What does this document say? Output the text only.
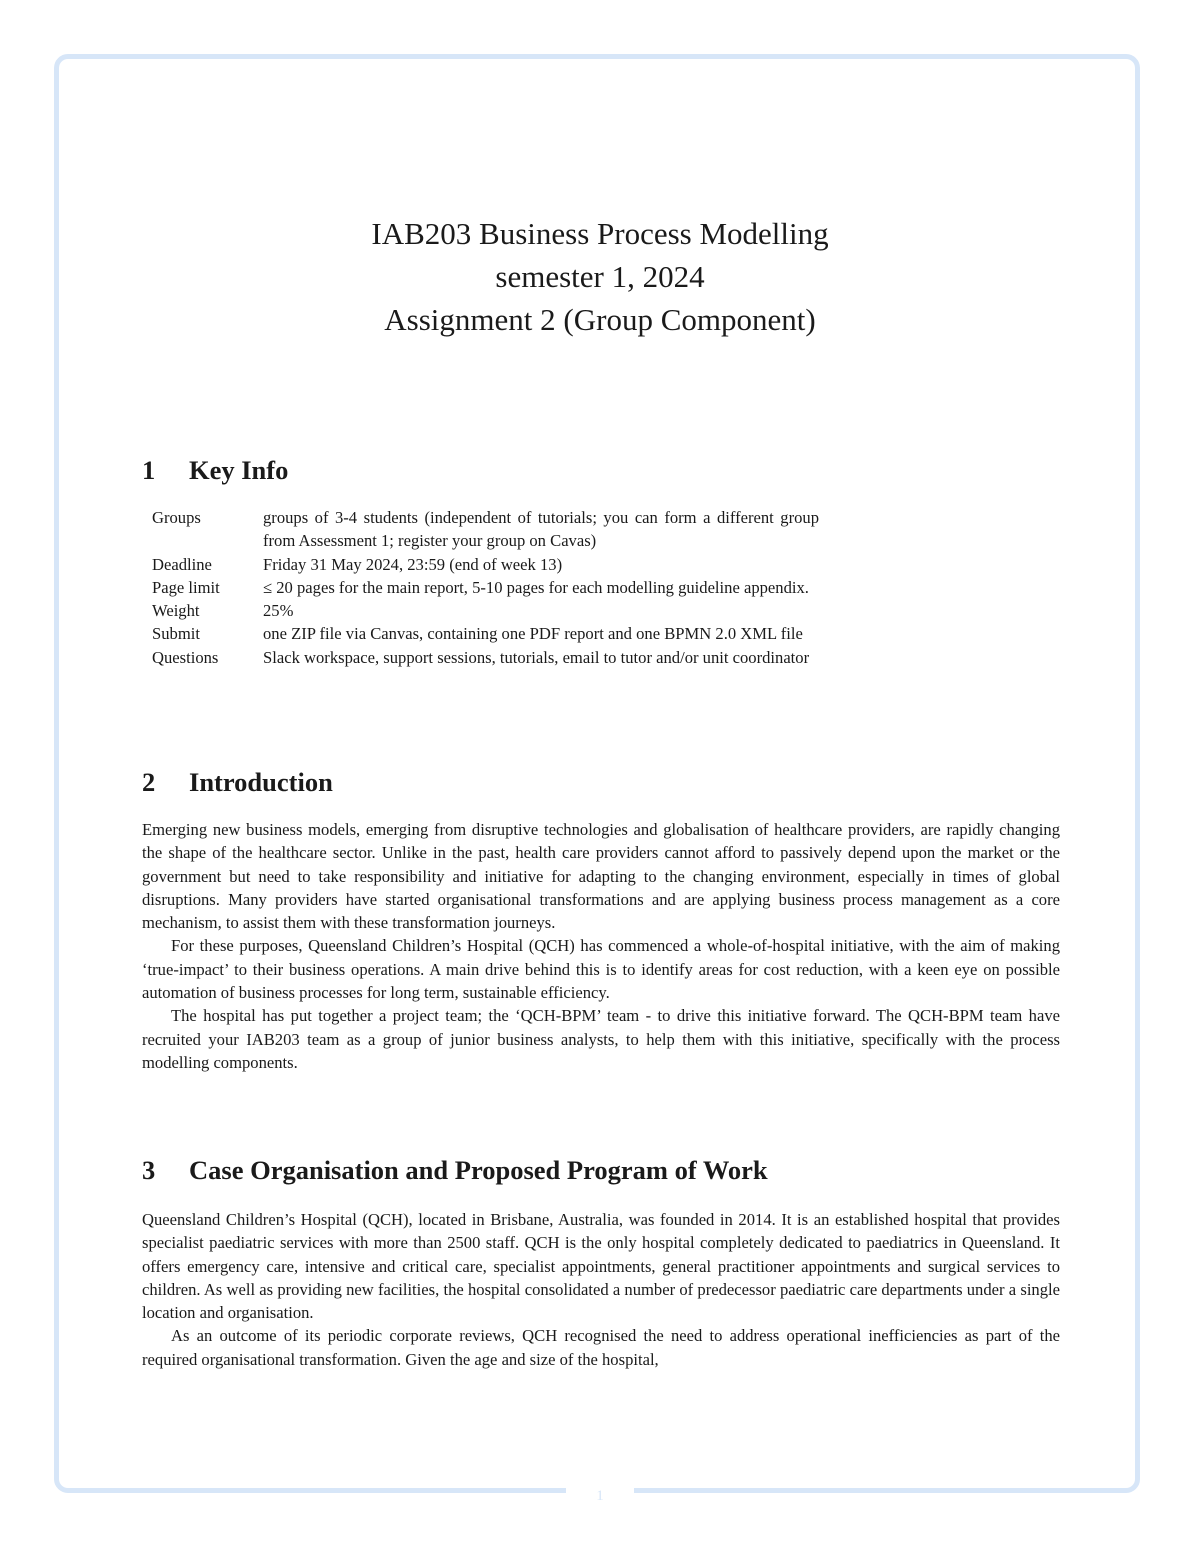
1
IAB203 Business Process Modelling
semester 1, 2024
Assignment 2 (Group Component)
1 Key Info
Groups	groups of 3-4 students (independent of tutorials; you can form a different group from Assessment 1; register your group on Cavas)
Deadline	Friday 31 May 2024, 23:59 (end of week 13)
Page limit	≤ 20 pages for the main report, 5-10 pages for each modelling guideline appendix.
Weight	25%
Submit	one ZIP file via Canvas, containing one PDF report and one BPMN 2.0 XML file
Questions	Slack workspace, support sessions, tutorials, email to tutor and/or unit coordinator
2 Introduction

Emerging new business models, emerging from disruptive technologies and globalisation of healthcare providers, are rapidly changing the shape of the healthcare sector. Unlike in the past, health care providers cannot afford to passively depend upon the market or the government but need to take responsibility and initiative for adapting to the changing environment, especially in times of global disruptions. Many providers have started organisational transformations and are applying business process management as a core mechanism, to assist them with these transformation journeys.

For these purposes, Queensland Children’s Hospital (QCH) has commenced a whole-of-hospital initiative, with the aim of making ‘true-impact’ to their business operations. A main drive behind this is to identify areas for cost reduction, with a keen eye on possible automation of business processes for long term, sustainable efficiency.

The hospital has put together a project team; the ‘QCH-BPM’ team - to drive this initiative forward. The QCH-BPM team have recruited your IAB203 team as a group of junior business analysts, to help them with this initiative, specifically with the process modelling components.

3 Case Organisation and Proposed Program of Work

Queensland Children’s Hospital (QCH), located in Brisbane, Australia, was founded in 2014. It is an established hospital that provides specialist paediatric services with more than 2500 staff. QCH is the only hospital completely dedicated to paediatrics in Queensland. It offers emergency care, intensive and critical care, specialist appointments, general practitioner appointments and surgical services to children. As well as providing new facilities, the hospital consolidated a number of predecessor paediatric care departments under a single location and organisation.

As an outcome of its periodic corporate reviews, QCH recognised the need to address operational inefficiencies as part of the required organisational transformation. Given the age and size of the hospital,
